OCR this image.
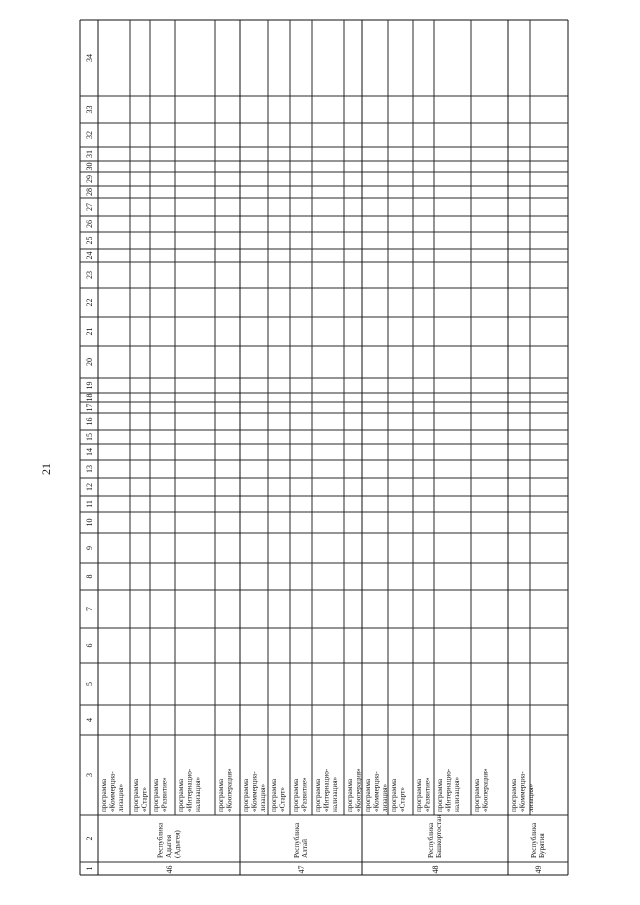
21
1
2
3
4
5
6
7
8
9
10
11
12
13
14
15
16
17
18
19
20
21
22
23
24
25
26
27
28
29
30
31
32
33
34
программа «Коммерциа- лизация» программа «Старт» программа «Развитие» программа «Интернацио- нализация» программа «Кооперация» программа «Коммерциа- лизация» программа «Старт» программа «Развитие» программа «Интернацио- нализация» программа «Кооперация» программа «Коммерциа- лизация» программа «Старт» программа «Развитие» программа «Интернацио- нализация» программа «Кооперация»	программа «Коммерциа- лизация»
Республика Адыгея (Адыгея)
46
Республика Алтай
47
Республика Башкортостан
48
Республика Бурятия
49
